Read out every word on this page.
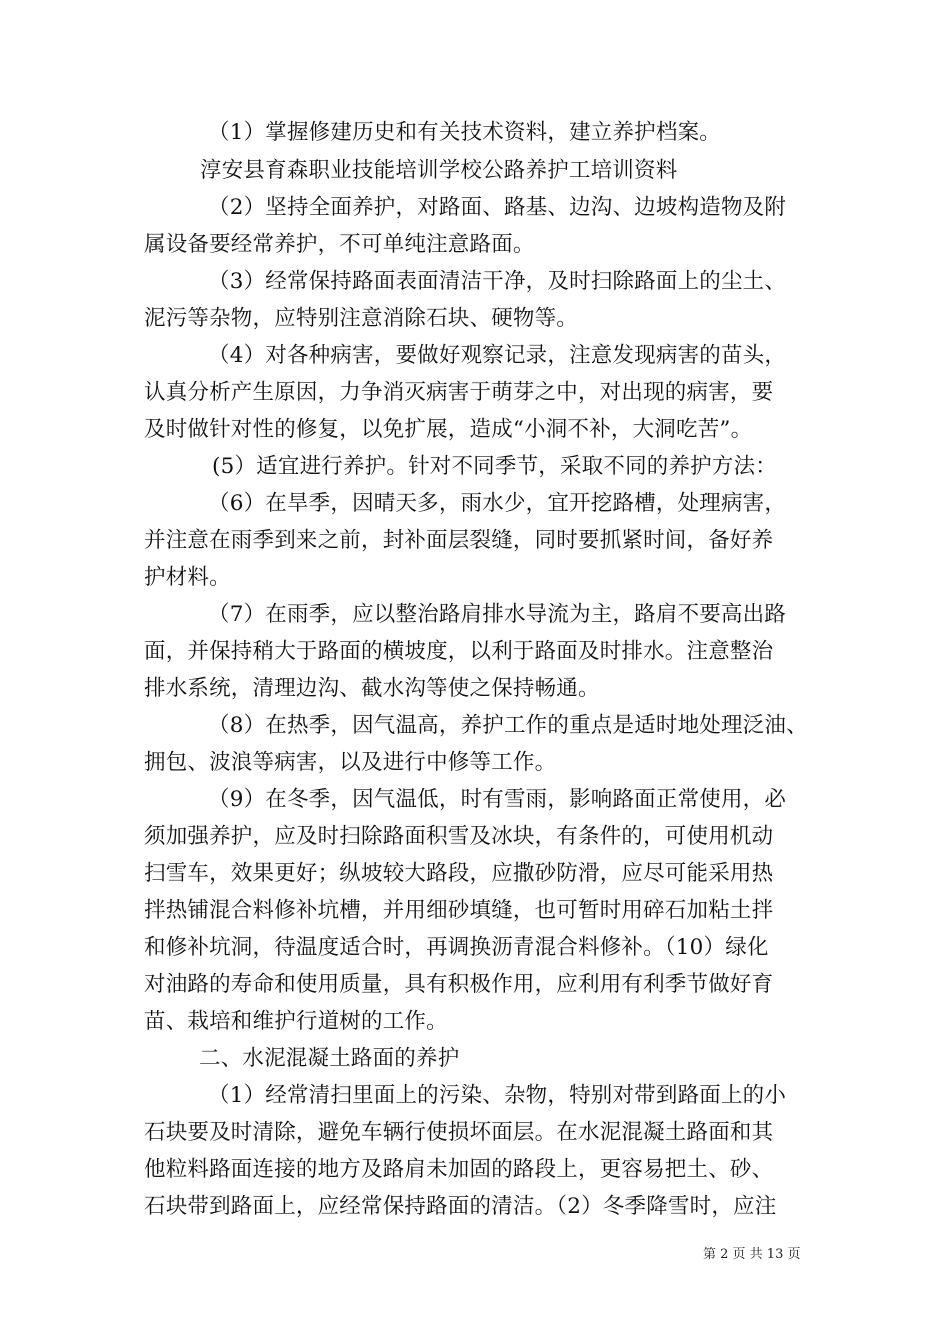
（1）掌握修建历史和有关技术资料，建立养护档案。
淳安县育森职业技能培训学校公路养护工培训资料
（2）坚持全面养护，对路面、路基、边沟、边坡构造物及附
属设备要经常养护，不可单纯注意路面。
（3）经常保持路面表面清洁干净，及时扫除路面上的尘土、
泥污等杂物，应特别注意消除石块、硬物等。
（4）对各种病害，要做好观察记录，注意发现病害的苗头，
认真分析产生原因，力争消灭病害于萌芽之中，对出现的病害，要
及时做针对性的修复，以免扩展，造成“小洞不补，大洞吃苦”。
(5）适宜进行养护。针对不同季节，采取不同的养护方法：
（6）在旱季，因晴天多，雨水少，宜开挖路槽，处理病害，
并注意在雨季到来之前，封补面层裂缝，同时要抓紧时间，备好养
护材料。
（7）在雨季，应以整治路肩排水导流为主，路肩不要高出路
面，并保持稍大于路面的横坡度，以利于路面及时排水。注意整治
排水系统，清理边沟、截水沟等使之保持畅通。
（8）在热季，因气温高，养护工作的重点是适时地处理泛油、
拥包、波浪等病害，以及进行中修等工作。
（9）在冬季，因气温低，时有雪雨，影响路面正常使用，必
须加强养护，应及时扫除路面积雪及冰块，有条件的，可使用机动
扫雪车，效果更好；纵坡较大路段，应撒砂防滑，应尽可能采用热
拌热铺混合料修补坑槽，并用细砂填缝，也可暂时用碎石加粘土拌
和修补坑洞，待温度适合时，再调换沥青混合料修补。（10）绿化
对油路的寿命和使用质量，具有积极作用，应利用有利季节做好育
苗、栽培和维护行道树的工作。
二、水泥混凝土路面的养护
（1）经常清扫里面上的污染、杂物，特别对带到路面上的小
石块要及时清除，避免车辆行使损坏面层。在水泥混凝土路面和其
他粒料路面连接的地方及路肩未加固的路段上，更容易把土、砂、
石块带到路面上，应经常保持路面的清洁。（2）冬季降雪时，应注
第 2 页 共 13 页
